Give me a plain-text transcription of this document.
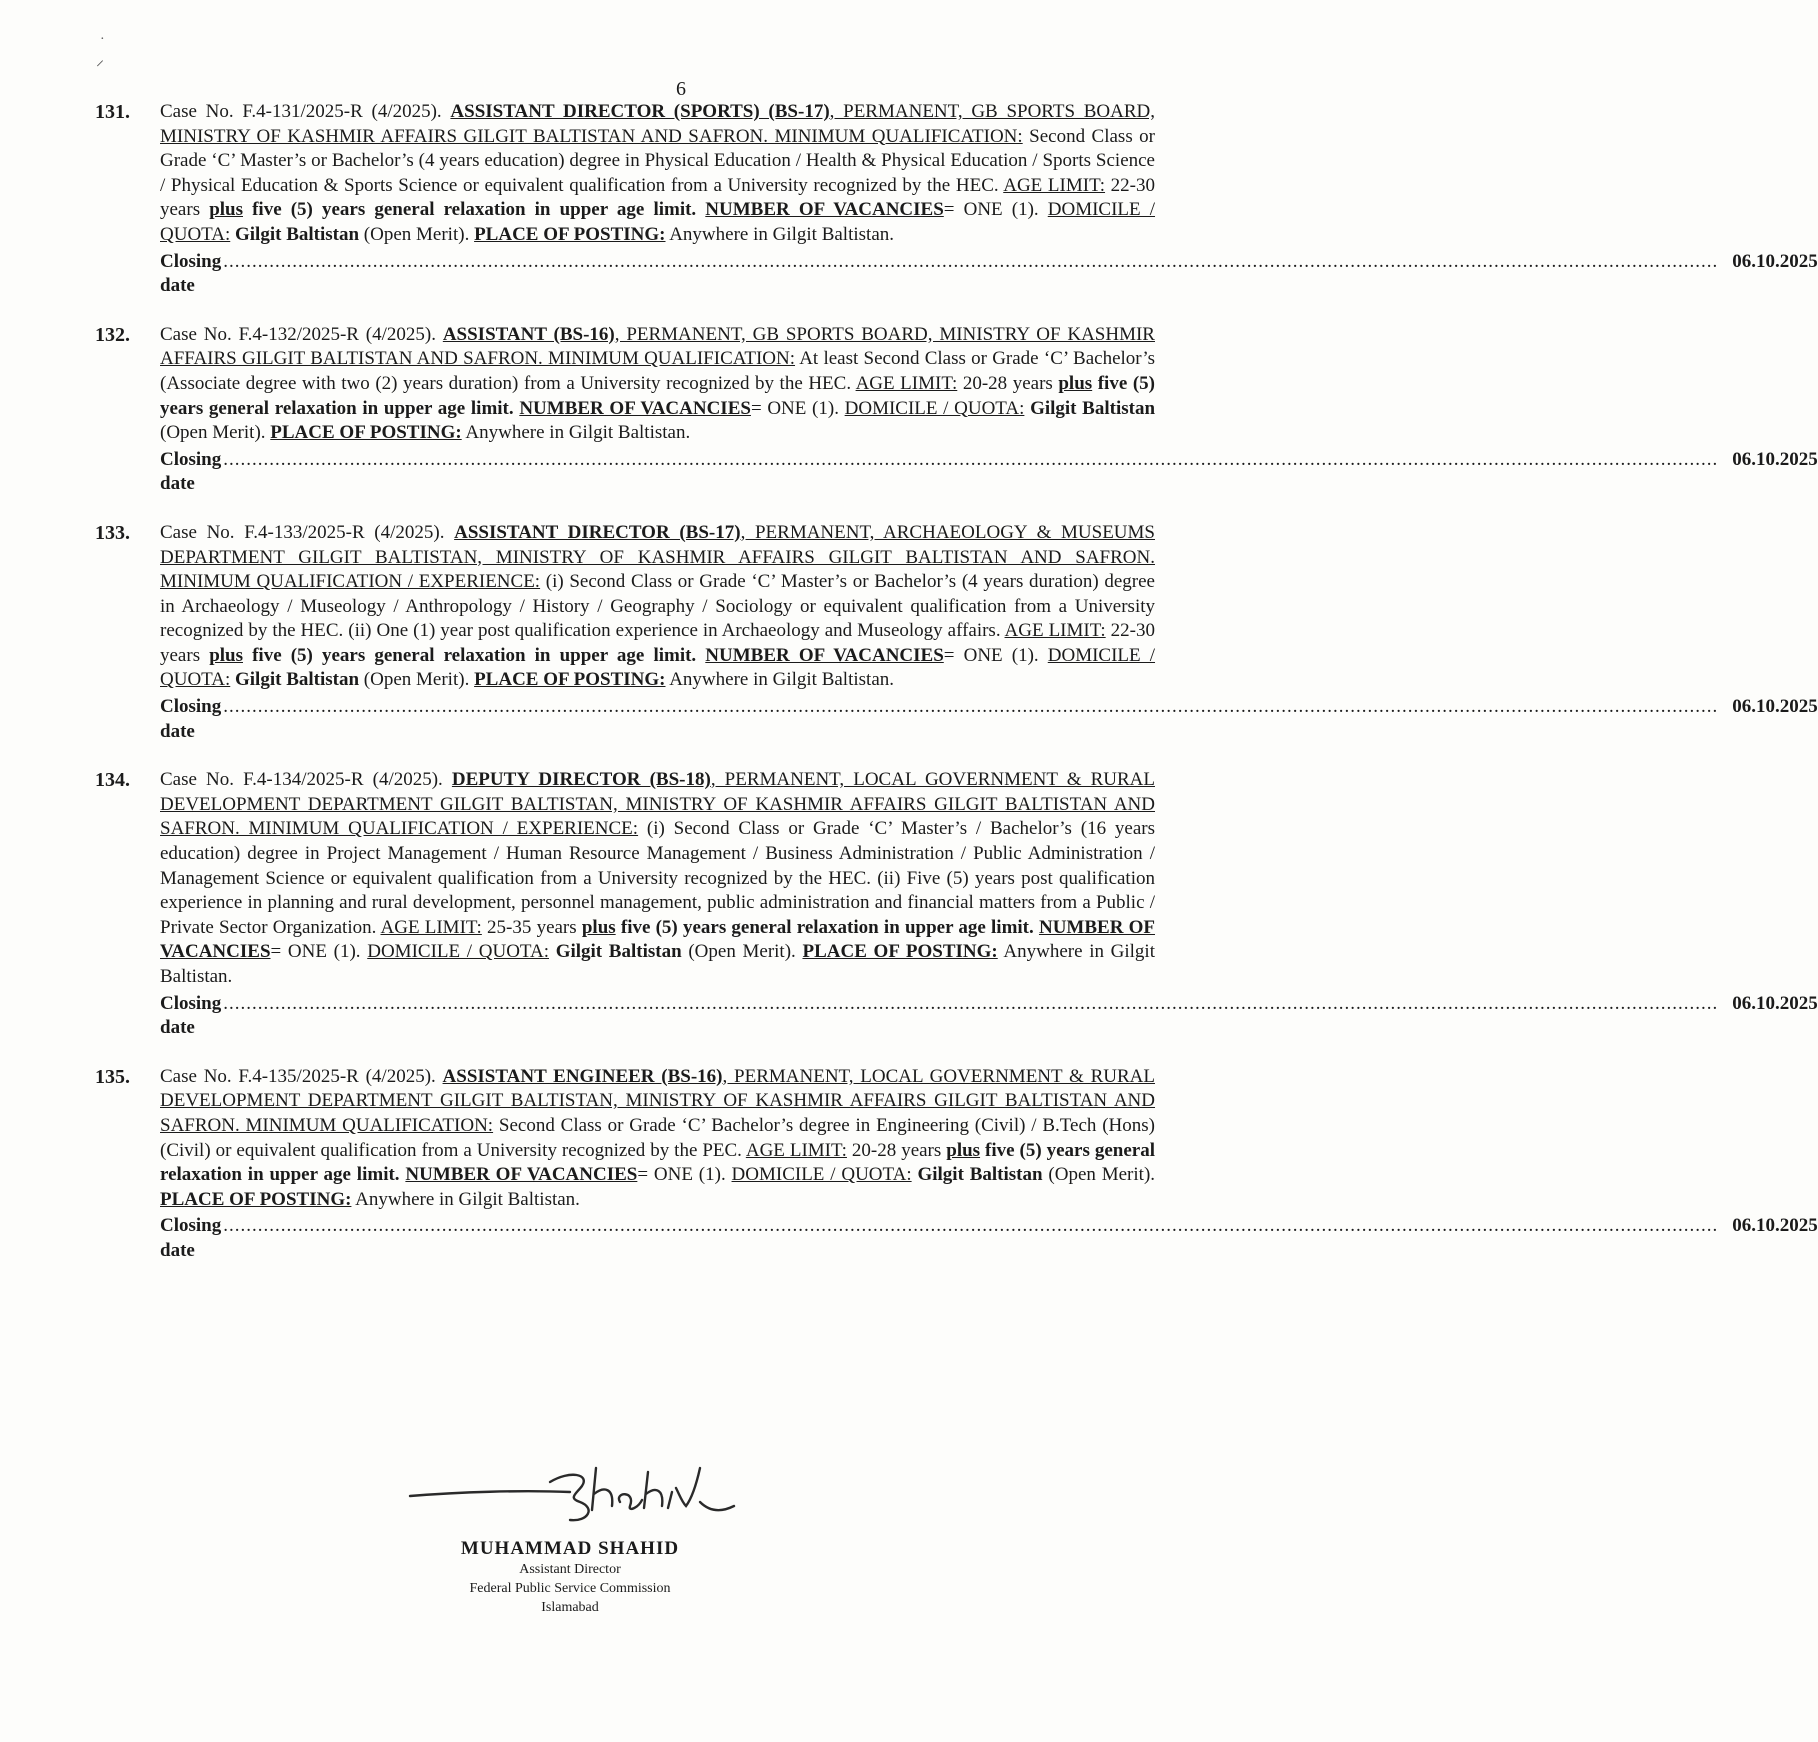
6
131. Case No. F.4-131/2025-R (4/2025). ASSISTANT DIRECTOR (SPORTS) (BS-17), PERMANENT, GB SPORTS BOARD, MINISTRY OF KASHMIR AFFAIRS GILGIT BALTISTAN AND SAFRON. MINIMUM QUALIFICATION: Second Class or Grade ‘C’ Master’s or Bachelor’s (4 years education) degree in Physical Education / Health & Physical Education / Sports Science / Physical Education & Sports Science or equivalent qualification from a University recognized by the HEC. AGE LIMIT: 22-30 years plus five (5) years general relaxation in upper age limit. NUMBER OF VACANCIES= ONE (1). DOMICILE / QUOTA: Gilgit Baltistan (Open Merit). PLACE OF POSTING: Anywhere in Gilgit Baltistan.
Closing date
.................................................................................................................................................................................................................................................................... 06.10.2025
132. Case No. F.4-132/2025-R (4/2025). ASSISTANT (BS-16), PERMANENT, GB SPORTS BOARD, MINISTRY OF KASHMIR AFFAIRS GILGIT BALTISTAN AND SAFRON. MINIMUM QUALIFICATION: At least Second Class or Grade ‘C’ Bachelor’s (Associate degree with two (2) years duration) from a University recognized by the HEC. AGE LIMIT: 20-28 years plus five (5) years general relaxation in upper age limit. NUMBER OF VACANCIES= ONE (1). DOMICILE / QUOTA: Gilgit Baltistan (Open Merit). PLACE OF POSTING: Anywhere in Gilgit Baltistan.
Closing date
.................................................................................................................................................................................................................................................................... 06.10.2025
133. Case No. F.4-133/2025-R (4/2025). ASSISTANT DIRECTOR (BS-17), PERMANENT, ARCHAEOLOGY & MUSEUMS DEPARTMENT GILGIT BALTISTAN, MINISTRY OF KASHMIR AFFAIRS GILGIT BALTISTAN AND SAFRON. MINIMUM QUALIFICATION / EXPERIENCE: (i) Second Class or Grade ‘C’ Master’s or Bachelor’s (4 years duration) degree in Archaeology / Museology / Anthropology / History / Geography / Sociology or equivalent qualification from a University recognized by the HEC. (ii) One (1) year post qualification experience in Archaeology and Museology affairs. AGE LIMIT: 22-30 years plus five (5) years general relaxation in upper age limit. NUMBER OF VACANCIES= ONE (1). DOMICILE / QUOTA: Gilgit Baltistan (Open Merit). PLACE OF POSTING: Anywhere in Gilgit Baltistan.
Closing date
.................................................................................................................................................................................................................................................................... 06.10.2025
134. Case No. F.4-134/2025-R (4/2025). DEPUTY DIRECTOR (BS-18), PERMANENT, LOCAL GOVERNMENT & RURAL DEVELOPMENT DEPARTMENT GILGIT BALTISTAN, MINISTRY OF KASHMIR AFFAIRS GILGIT BALTISTAN AND SAFRON. MINIMUM QUALIFICATION / EXPERIENCE: (i) Second Class or Grade ‘C’ Master’s / Bachelor’s (16 years education) degree in Project Management / Human Resource Management / Business Administration / Public Administration / Management Science or equivalent qualification from a University recognized by the HEC. (ii) Five (5) years post qualification experience in planning and rural development, personnel management, public administration and financial matters from a Public / Private Sector Organization. AGE LIMIT: 25-35 years plus five (5) years general relaxation in upper age limit. NUMBER OF VACANCIES= ONE (1). DOMICILE / QUOTA: Gilgit Baltistan (Open Merit). PLACE OF POSTING: Anywhere in Gilgit Baltistan.
Closing date
.................................................................................................................................................................................................................................................................... 06.10.2025
135. Case No. F.4-135/2025-R (4/2025). ASSISTANT ENGINEER (BS-16), PERMANENT, LOCAL GOVERNMENT & RURAL DEVELOPMENT DEPARTMENT GILGIT BALTISTAN, MINISTRY OF KASHMIR AFFAIRS GILGIT BALTISTAN AND SAFRON. MINIMUM QUALIFICATION: Second Class or Grade ‘C’ Bachelor’s degree in Engineering (Civil) / B.Tech (Hons) (Civil) or equivalent qualification from a University recognized by the PEC. AGE LIMIT: 20-28 years plus five (5) years general relaxation in upper age limit. NUMBER OF VACANCIES= ONE (1). DOMICILE / QUOTA: Gilgit Baltistan (Open Merit). PLACE OF POSTING: Anywhere in Gilgit Baltistan.
Closing date
.................................................................................................................................................................................................................................................................... 06.10.2025
MUHAMMAD SHAHID
Assistant Director
Federal Public Service Commission
Islamabad
·
⸝
